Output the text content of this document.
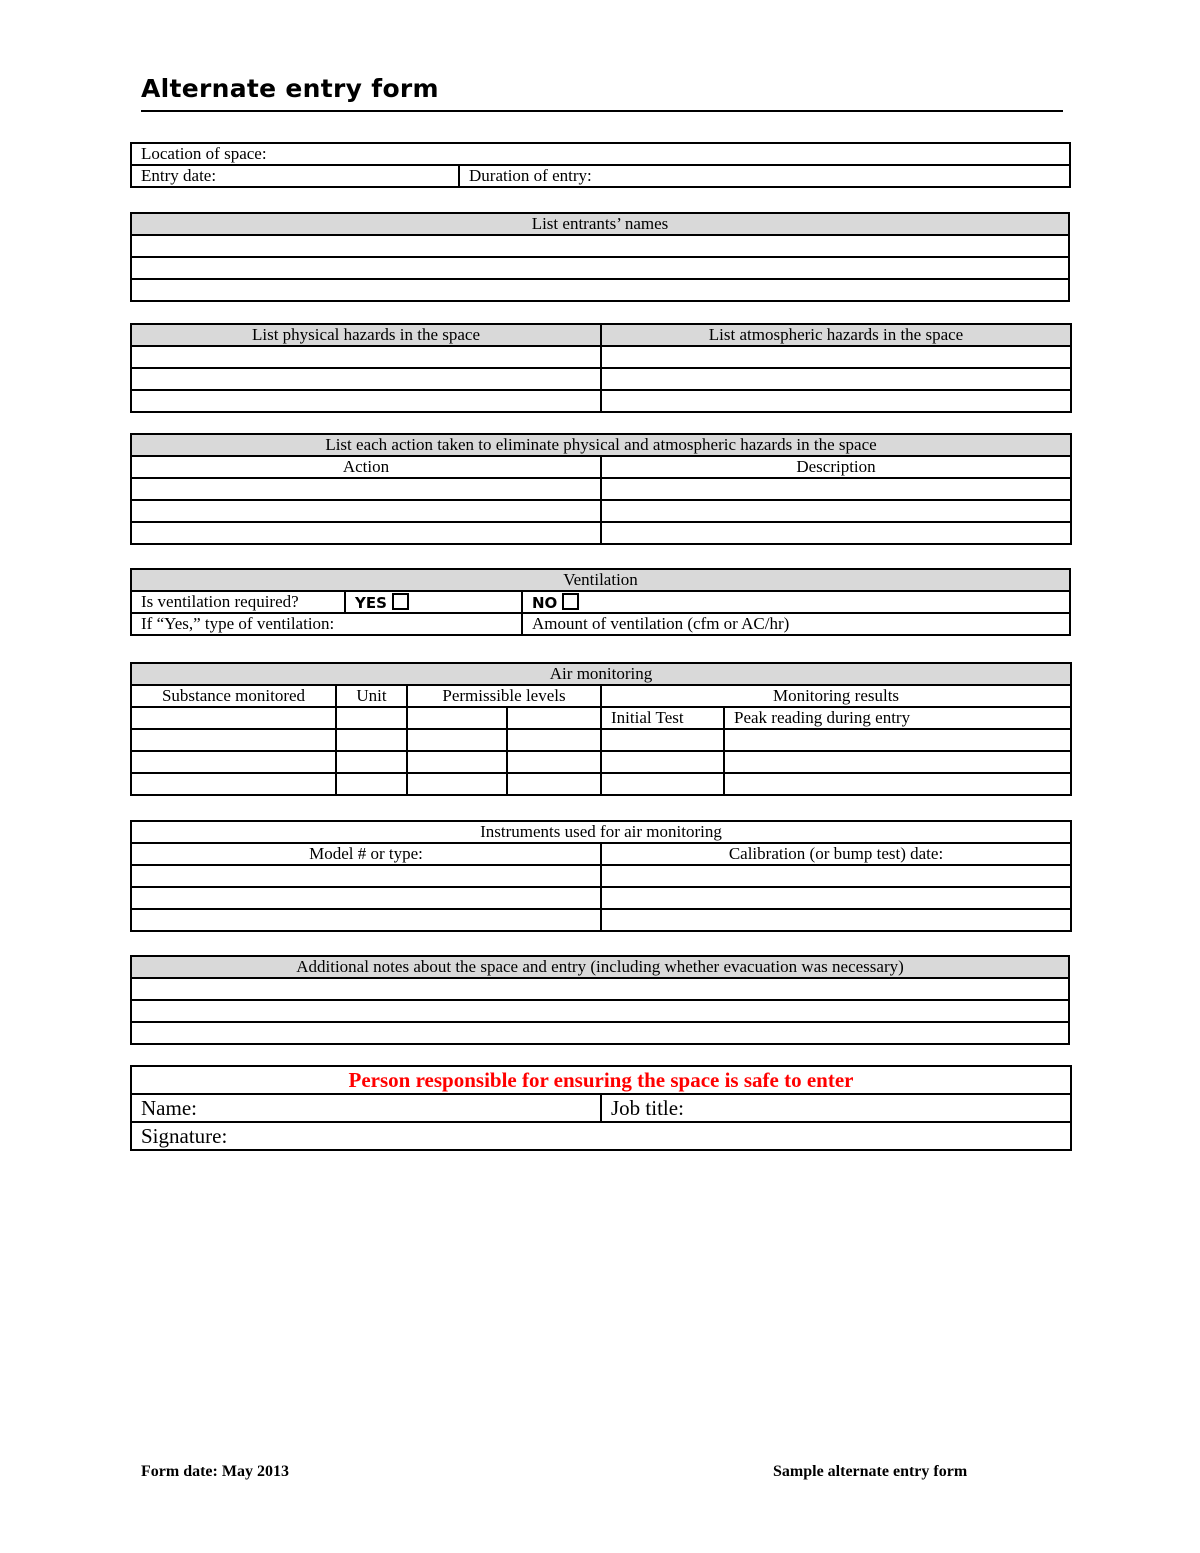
Alternate entry form
Location of space:
Entry date:	Duration of entry:
List entrants’ names

List physical hazards in the space	List atmospheric hazards in the space

List each action taken to eliminate physical and atmospheric hazards in the space	
Action	Description

Ventilation		
Is ventilation required?	YES	NO
If “Yes,” type of ventilation:		Amount of ventilation (cfm or AC/hr)
Air monitoring					
Substance monitored	Unit	Permissible levels		Monitoring results	
				Initial Test	Peak reading during entry

Instruments used for air monitoring	
Model # or type:	Calibration (or bump test) date:

Additional notes about the space and entry (including whether evacuation was necessary)

Person responsible for ensuring the space is safe to enter
Name:	Job title:
Signature:
Form date: May 2013	Sample alternate entry form
